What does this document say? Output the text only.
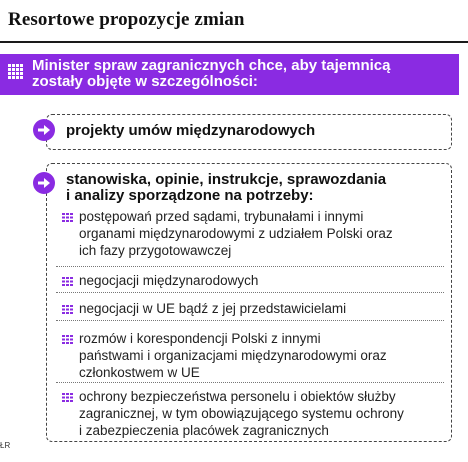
Resortowe propozycje zmian
Minister spraw zagranicznych chce, aby tajemnicą
zostały objęte w szczególności:
projekty umów międzynarodowych
stanowiska, opinie, instrukcje, sprawozdania
i analizy sporządzone na potrzeby:
postępowań przed sądami, trybunałami i innymi
organami międzynarodowymi z udziałem Polski oraz
ich fazy przygotowawczej
negocjacji międzynarodowych
negocjacji w UE bądź z jej przedstawicielami
rozmów i korespondencji Polski z innymi
państwami i organizacjami międzynarodowymi oraz
członkostwem w UE
ochrony bezpieczeństwa personelu i obiektów służby
zagranicznej, w tym obowiązującego systemu ochrony
i zabezpieczenia placówek zagranicznych
ŁR
